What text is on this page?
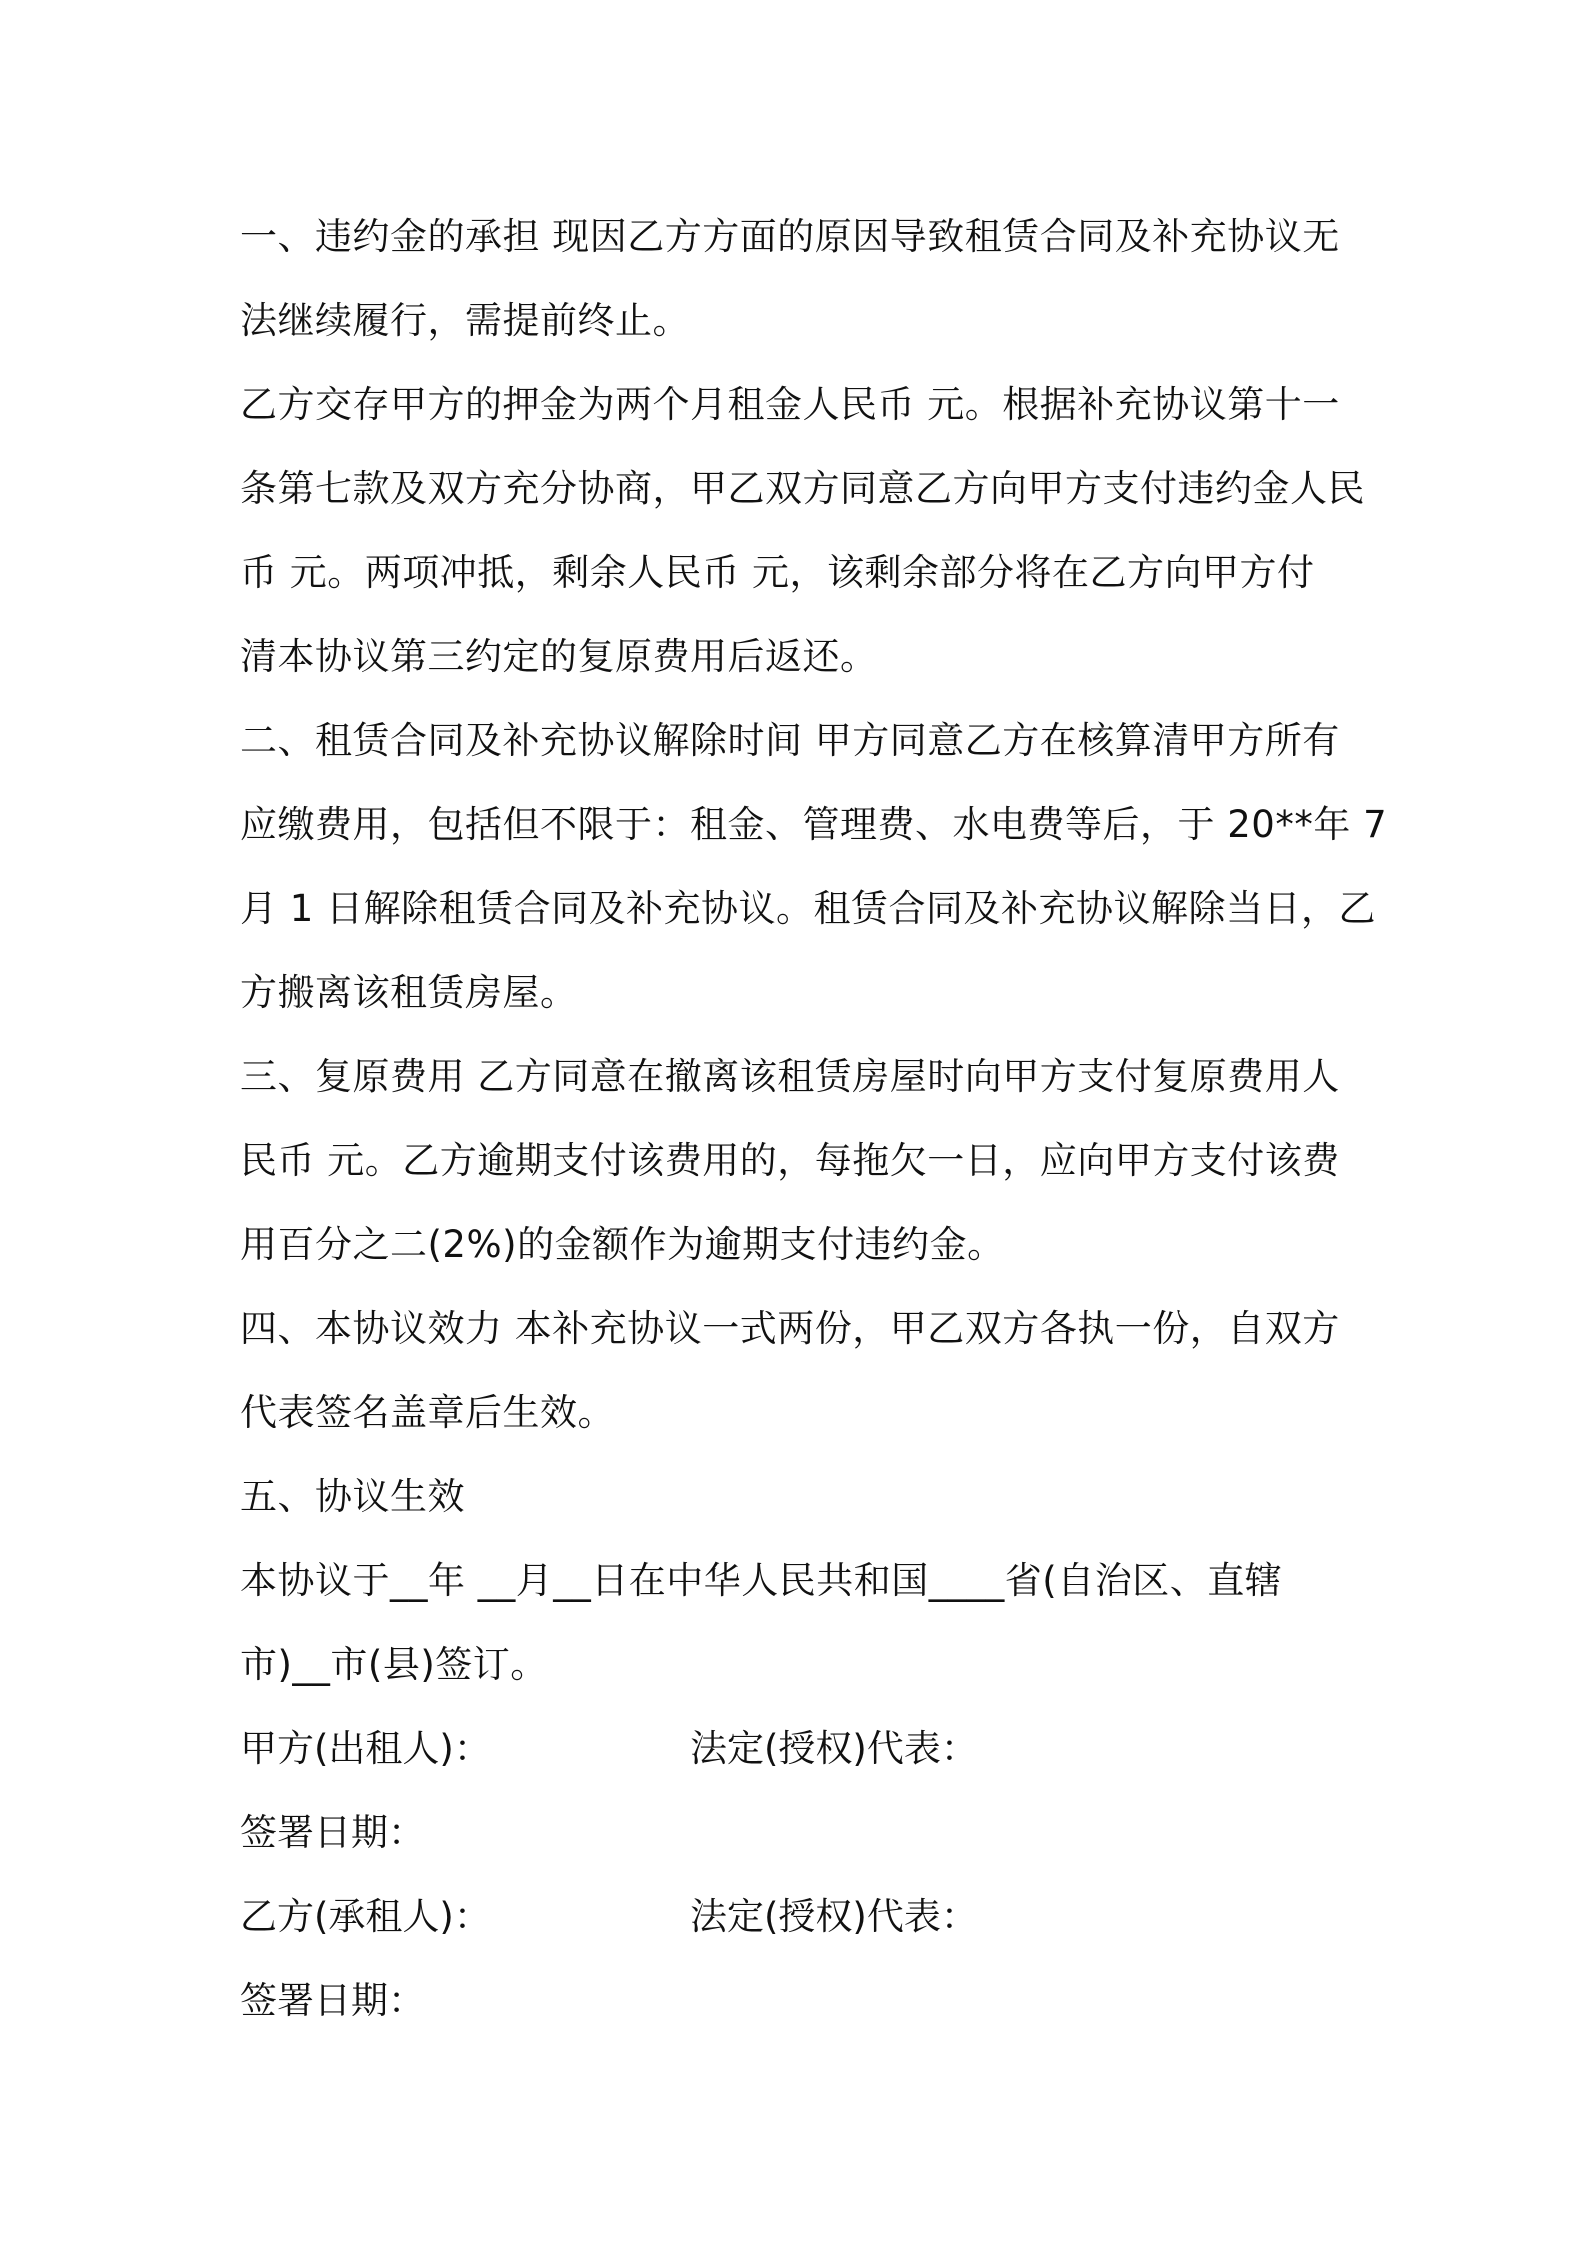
一、违约金的承担 现因乙方方面的原因导致租赁合同及补充协议无
法继续履行，需提前终止。
乙方交存甲方的押金为两个月租金人民币 元。根据补充协议第十一
条第七款及双方充分协商，甲乙双方同意乙方向甲方支付违约金人民
币 元。两项冲抵，剩余人民币 元，该剩余部分将在乙方向甲方付
清本协议第三约定的复原费用后返还。
二、租赁合同及补充协议解除时间 甲方同意乙方在核算清甲方所有
应缴费用，包括但不限于：租金、管理费、水电费等后，于 20**年 7
月 1 日解除租赁合同及补充协议。租赁合同及补充协议解除当日，乙
方搬离该租赁房屋。
三、复原费用 乙方同意在撤离该租赁房屋时向甲方支付复原费用人
民币 元。乙方逾期支付该费用的，每拖欠一日，应向甲方支付该费
用百分之二(2%)的金额作为逾期支付违约金。
四、本协议效力 本补充协议一式两份，甲乙双方各执一份，自双方
代表签名盖章后生效。
五、协议生效
本协议于__年 __月__日在中华人民共和国____省(自治区、直辖
市)__市(县)签订。
甲方(出租人)：	法定(授权)代表：
签署日期：
乙方(承租人)：	法定(授权)代表：
签署日期：
